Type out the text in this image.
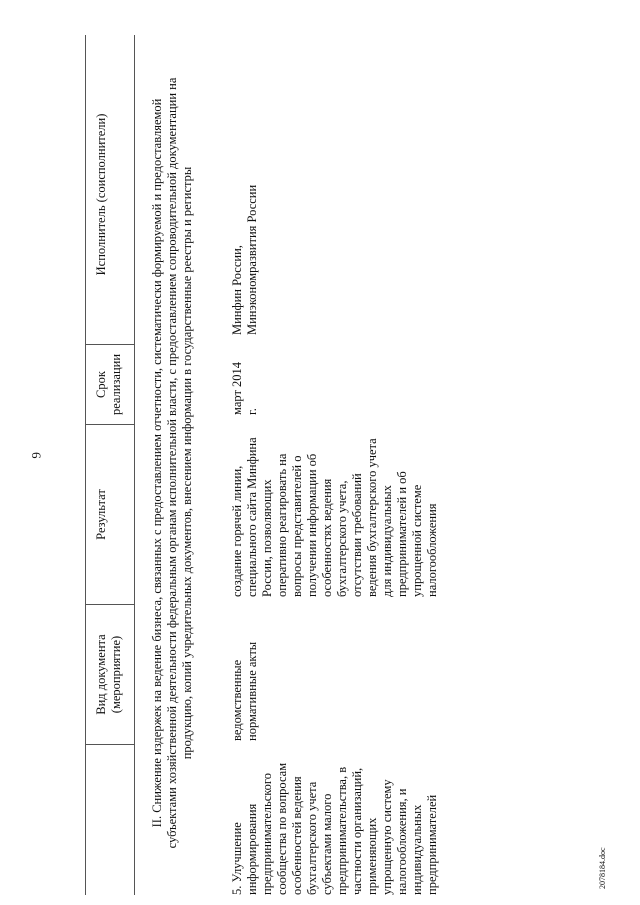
6
Вид документа (мероприятие)
Результат
Срок реализации
Исполнитель (соисполнители)	II. Снижение издержек на ведение бизнеса, связанных с предоставлением отчетности, систематически формируемой и предоставляемой субъектами хозяйственной деятельности федеральным органам исполнительной власти, с предоставлением сопроводительной документации на продукцию, копий учредительных документов, внесением информации в государственные реестры и регистры
5. Улучшение информирования предпринимательского сообщества по вопросам особенностей ведения бухгалтерского учета субъектами малого предпринимательства, в частности организаций, применяющих упрощенную систему налогообложения, и индивидуальных предпринимателей
ведомственные нормативные акты
создание горячей линии, специального сайта Минфина России, позволяющих оперативно реагировать на вопросы представителей о получении информации об особенностях ведения бухгалтерского учета, отсутствии требований ведения бухгалтерского учета для индивидуальных предпринимателей и об упрощенной системе налогообложения
март 2014 г.
Минфин России, Минэкономразвития России
2078184.doc
